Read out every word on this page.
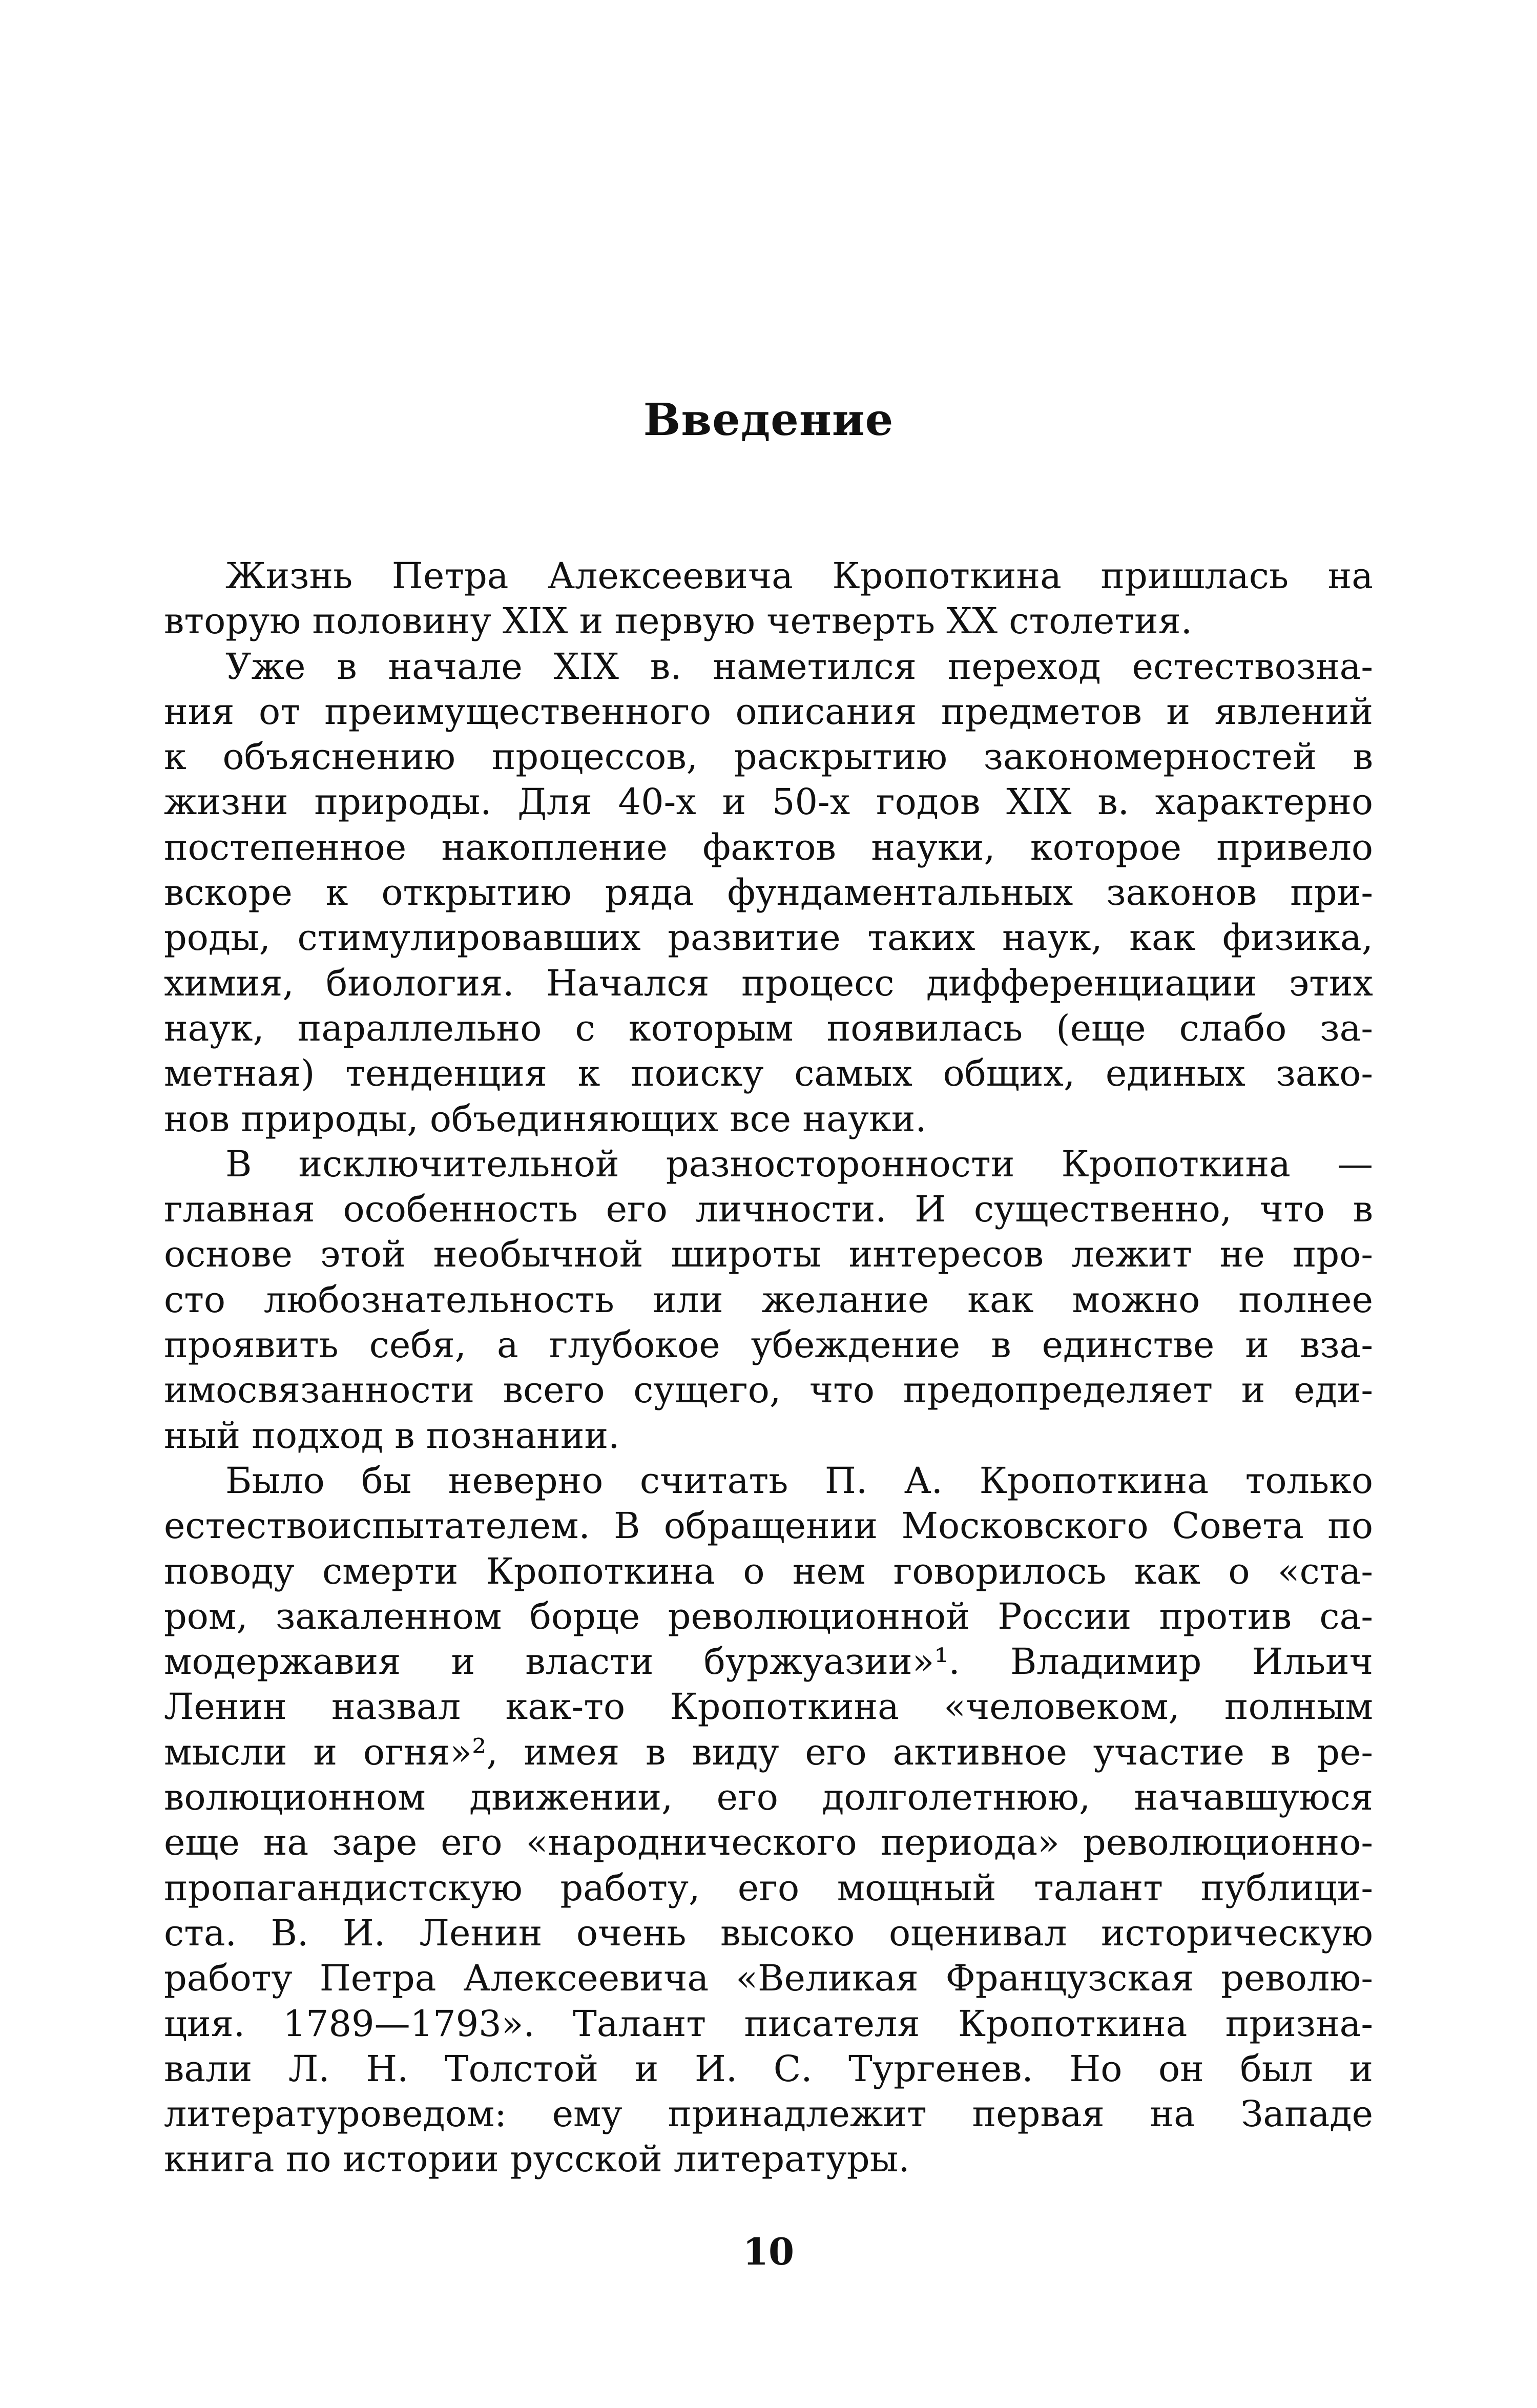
Введение
Жизнь Петра Алексеевича Кропоткина пришлась на
вторую половину XIX и первую четверть XX столетия.
Уже в начале XIX в. наметился переход естествозна-
ния от преимущественного описания предметов и явлений
к объяснению процессов, раскрытию закономерностей в
жизни природы. Для 40-х и 50-х годов XIX в. характерно
постепенное накопление фактов науки, которое привело
вскоре к открытию ряда фундаментальных законов при-
роды, стимулировавших развитие таких наук, как физика,
химия, биология. Начался процесс дифференциации этих
наук, параллельно с которым появилась (еще слабо за-
метная) тенденция к поиску самых общих, единых зако-
нов природы, объединяющих все науки.
В исключительной разносторонности Кропоткина —
главная особенность его личности. И существенно, что в
основе этой необычной широты интересов лежит не про-
сто любознательность или желание как можно полнее
проявить себя, а глубокое убеждение в единстве и вза-
имосвязанности всего сущего, что предопределяет и еди-
ный подход в познании.
Было бы неверно считать П. А. Кропоткина только
естествоиспытателем. В обращении Московского Совета по
поводу смерти Кропоткина о нем говорилось как о «ста-
ром, закаленном борце революционной России против са-
модержавия и власти буржуазии»¹. Владимир Ильич
Ленин назвал как-то Кропоткина «человеком, полным
мысли и огня»², имея в виду его активное участие в ре-
волюционном движении, его долголетнюю, начавшуюся
еще на заре его «народнического периода» революционно-
пропагандистскую работу, его мощный талант публици-
ста. В. И. Ленин очень высоко оценивал историческую
работу Петра Алексеевича «Великая Французская револю-
ция. 1789—1793». Талант писателя Кропоткина призна-
вали Л. Н. Толстой и И. С. Тургенев. Но он был и
литературоведом: ему принадлежит первая на Западе
книга по истории русской литературы.
10
